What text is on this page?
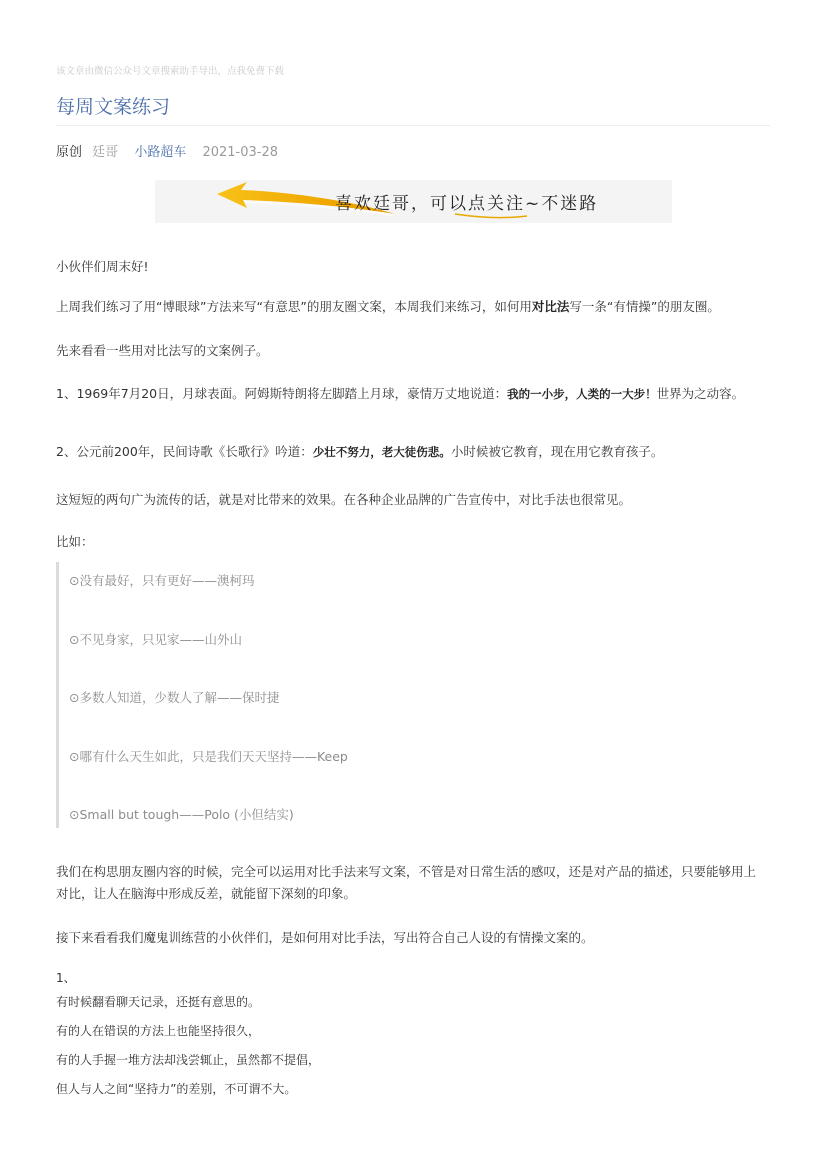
该文章由微信公众号文章搜索助手导出，点我免费下载
每周文案练习
原创 廷哥 小路超车 2021-03-28
喜欢廷哥，可以点关注~不迷路

小伙伴们周末好!

上周我们练习了用“博眼球”方法来写“有意思”的朋友圈文案，本周我们来练习，如何用对比法写一条“有情操”的朋友圈。

先来看看一些用对比法写的文案例子。

1、1969年7月20日，月球表面。阿姆斯特朗将左脚踏上月球，豪情万丈地说道：我的一小步，人类的一大步！世界为之动容。

2、公元前200年，民间诗歌《长歌行》吟道：少壮不努力，老大徒伤悲。小时候被它教育，现在用它教育孩子。

这短短的两句广为流传的话，就是对比带来的效果。在各种企业品牌的广告宣传中，对比手法也很常见。

比如：

⊙没有最好，只有更好——澳柯玛
⊙不见身家，只见家——山外山
⊙多数人知道，少数人了解——保时捷
⊙哪有什么天生如此，只是我们天天坚持——Keep
⊙Small but tough——Polo (小但结实)

我们在构思朋友圈内容的时候，完全可以运用对比手法来写文案，不管是对日常生活的感叹，还是对产品的描述，只要能够用上对比，让人在脑海中形成反差，就能留下深刻的印象。

接下来看看我们魔鬼训练营的小伙伴们，是如何用对比手法，写出符合自己人设的有情操文案的。

1、

有时候翻看聊天记录，还挺有意思的。

有的人在错误的方法上也能坚持很久，

有的人手握一堆方法却浅尝辄止，虽然都不提倡，

但人与人之间“坚持力”的差别，不可谓不大。
